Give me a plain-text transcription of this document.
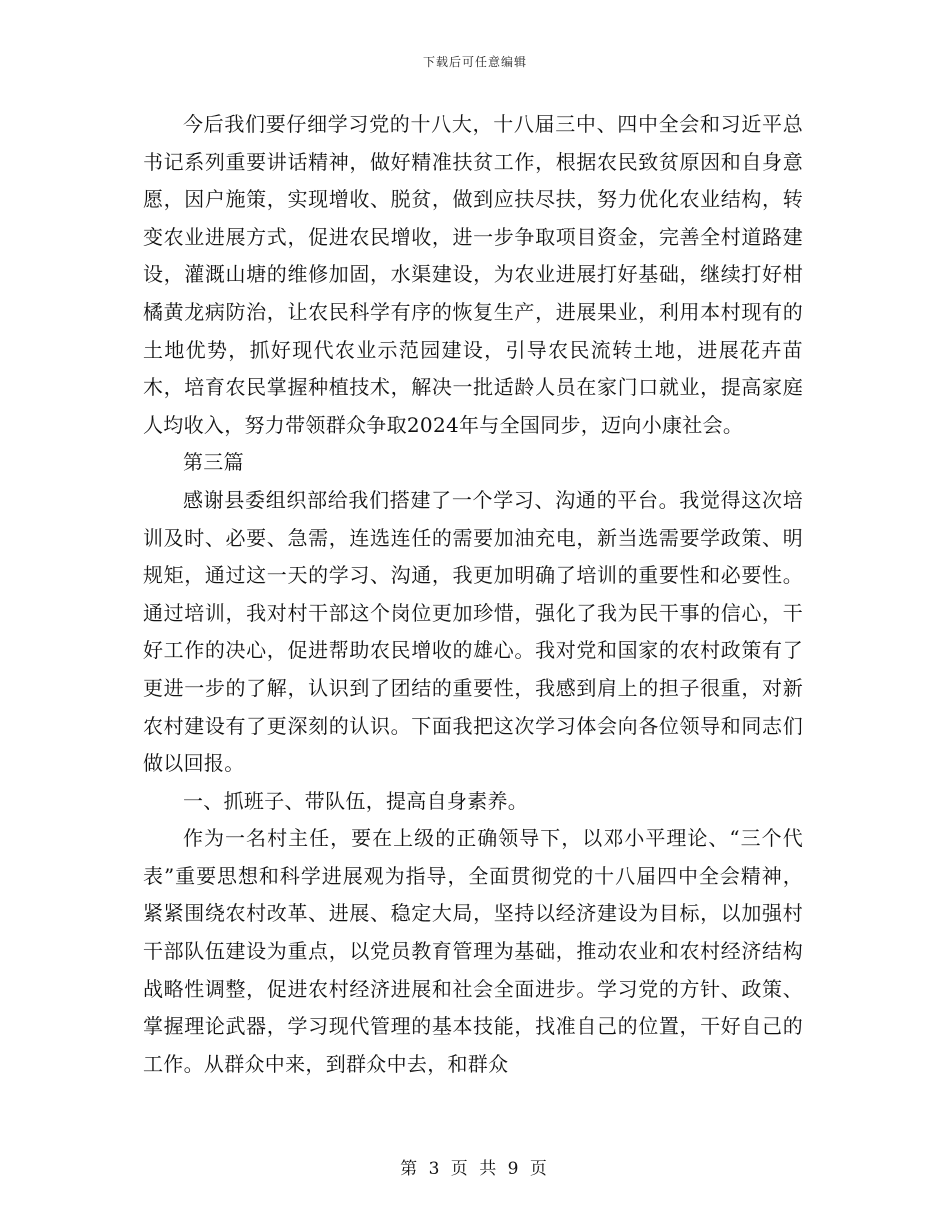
下载后可任意编辑

今后我们要仔细学习党的十八大，十八届三中、四中全会和习近平总书记系列重要讲话精神，做好精准扶贫工作，根据农民致贫原因和自身意愿，因户施策，实现增收、脱贫，做到应扶尽扶，努力优化农业结构，转变农业进展方式，促进农民增收，进一步争取项目资金，完善全村道路建设，灌溉山塘的维修加固，水渠建设，为农业进展打好基础，继续打好柑橘黄龙病防治，让农民科学有序的恢复生产，进展果业，利用本村现有的土地优势，抓好现代农业示范园建设，引导农民流转土地，进展花卉苗木，培育农民掌握种植技术，解决一批适龄人员在家门口就业，提高家庭人均收入，努力带领群众争取2024年与全国同步，迈向小康社会。

第三篇

感谢县委组织部给我们搭建了一个学习、沟通的平台。我觉得这次培训及时、必要、急需，连选连任的需要加油充电，新当选需要学政策、明规矩，通过这一天的学习、沟通，我更加明确了培训的重要性和必要性。通过培训，我对村干部这个岗位更加珍惜，强化了我为民干事的信心，干好工作的决心，促进帮助农民增收的雄心。我对党和国家的农村政策有了更进一步的了解，认识到了团结的重要性，我感到肩上的担子很重，对新农村建设有了更深刻的认识。下面我把这次学习体会向各位领导和同志们做以回报。

一、抓班子、带队伍，提高自身素养。

作为一名村主任，要在上级的正确领导下，以邓小平理论、“三个代表”重要思想和科学进展观为指导，全面贯彻党的十八届四中全会精神，紧紧围绕农村改革、进展、稳定大局，坚持以经济建设为目标，以加强村干部队伍建设为重点，以党员教育管理为基础，推动农业和农村经济结构战略性调整，促进农村经济进展和社会全面进步。学习党的方针、政策、掌握理论武器，学习现代管理的基本技能，找准自己的位置，干好自己的工作。从群众中来，到群众中去，和群众

第 3 页 共 9 页
